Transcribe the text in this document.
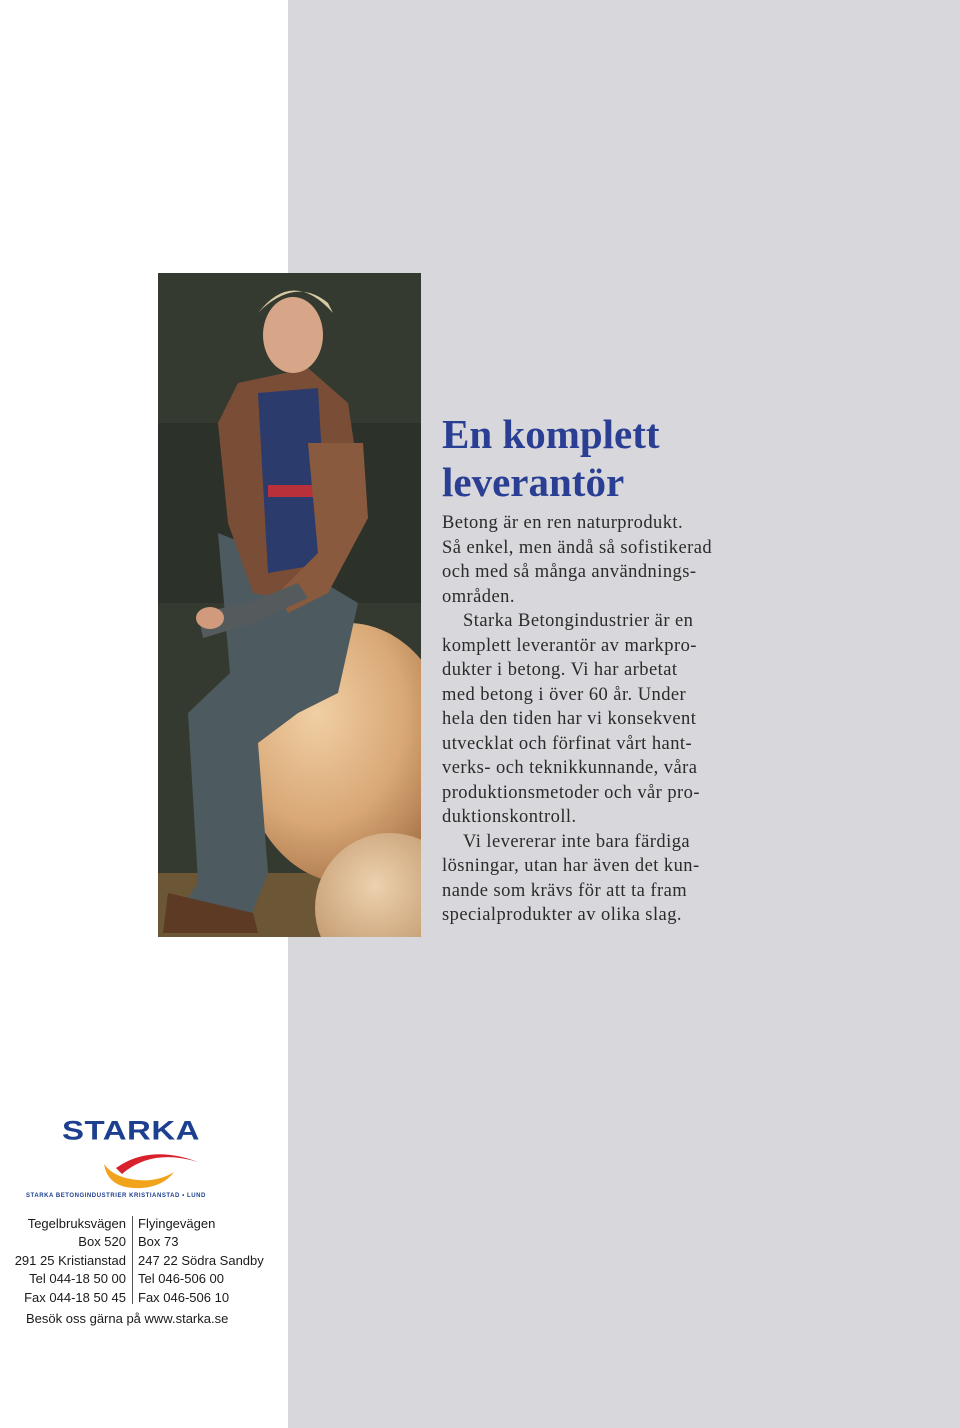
En komplett
leverantör
Betong är en ren naturprodukt.
Så enkel, men ändå så sofistikerad
och med så många användnings-
områden.
Starka Betongindustrier är en
komplett leverantör av markpro-
dukter i betong. Vi har arbetat
med betong i över 60 år. Under
hela den tiden har vi konsekvent
utvecklat och förfinat vårt hant-
verks- och teknikkunnande, våra
produktionsmetoder och vår pro-
duktionskontroll.
Vi levererar inte bara färdiga
lösningar, utan har även det kun-
nande som krävs för att ta fram
specialprodukter av olika slag.
STARKA
STARKA BETONGINDUSTRIER KRISTIANSTAD • LUND
Tegelbruksvägen
Box 520
291 25 Kristianstad
Tel 044-18 50 00
Fax 044-18 50 45
Flyingevägen
Box 73
247 22 Södra Sandby
Tel 046-506 00
Fax 046-506 10
Besök oss gärna på www.starka.se
